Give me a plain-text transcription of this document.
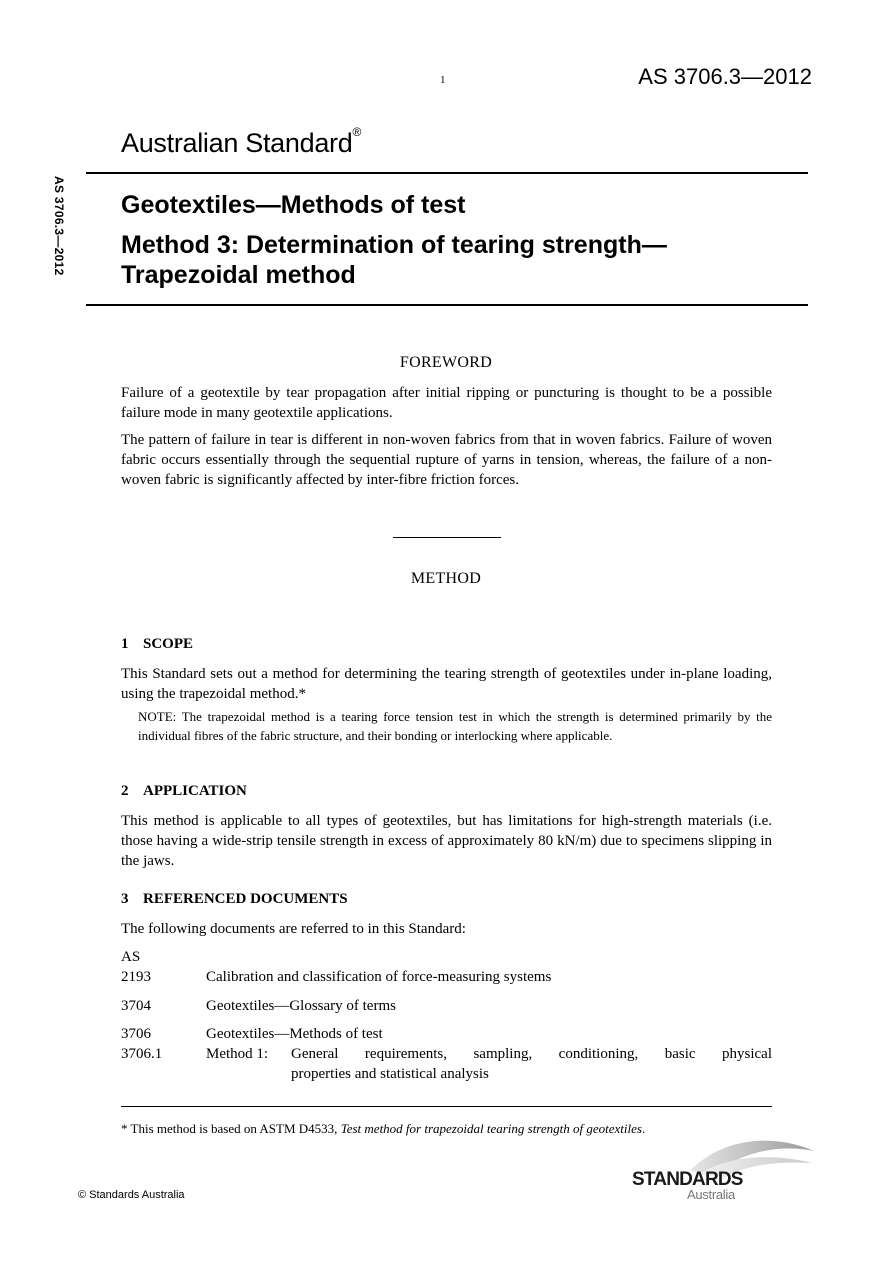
1	AS 3706.3—2012
Australian Standard®
AS 3706.3—2012 Geotextiles—Methods of test
Method 3: Determination of tearing strength—
Trapezoidal method
FOREWORD

Failure of a geotextile by tear propagation after initial ripping or puncturing is thought to be a possible failure mode in many geotextile applications.

The pattern of failure in tear is different in non-woven fabrics from that in woven fabrics. Failure of woven fabric occurs essentially through the sequential rupture of yarns in tension, whereas, the failure of a non-woven fabric is significantly affected by inter-fibre friction forces.

METHOD
1 SCOPE

This Standard sets out a method for determining the tearing strength of geotextiles under in-plane loading, using the trapezoidal method.*

NOTE: The trapezoidal method is a tearing force tension test in which the strength is determined primarily by the individual fibres of the fabric structure, and their bonding or interlocking where applicable.

2 APPLICATION

This method is applicable to all types of geotextiles, but has limitations for high-strength materials (i.e. those having a wide-strip tensile strength in excess of approximately 80 kN/m) due to specimens slipping in the jaws.

3 REFERENCED DOCUMENTS

The following documents are referred to in this Standard:

AS
2193	Calibration and classification of force-measuring systems
3704	Geotextiles—Glossary of terms
3706	Geotextiles—Methods of test
3706.1	Method 1: General requirements, sampling, conditioning, basic physical
properties and statistical analysis
* This method is based on ASTM D4533, Test method for trapezoidal tearing strength of geotextiles.
© Standards Australia
STANDARDS
Australia
